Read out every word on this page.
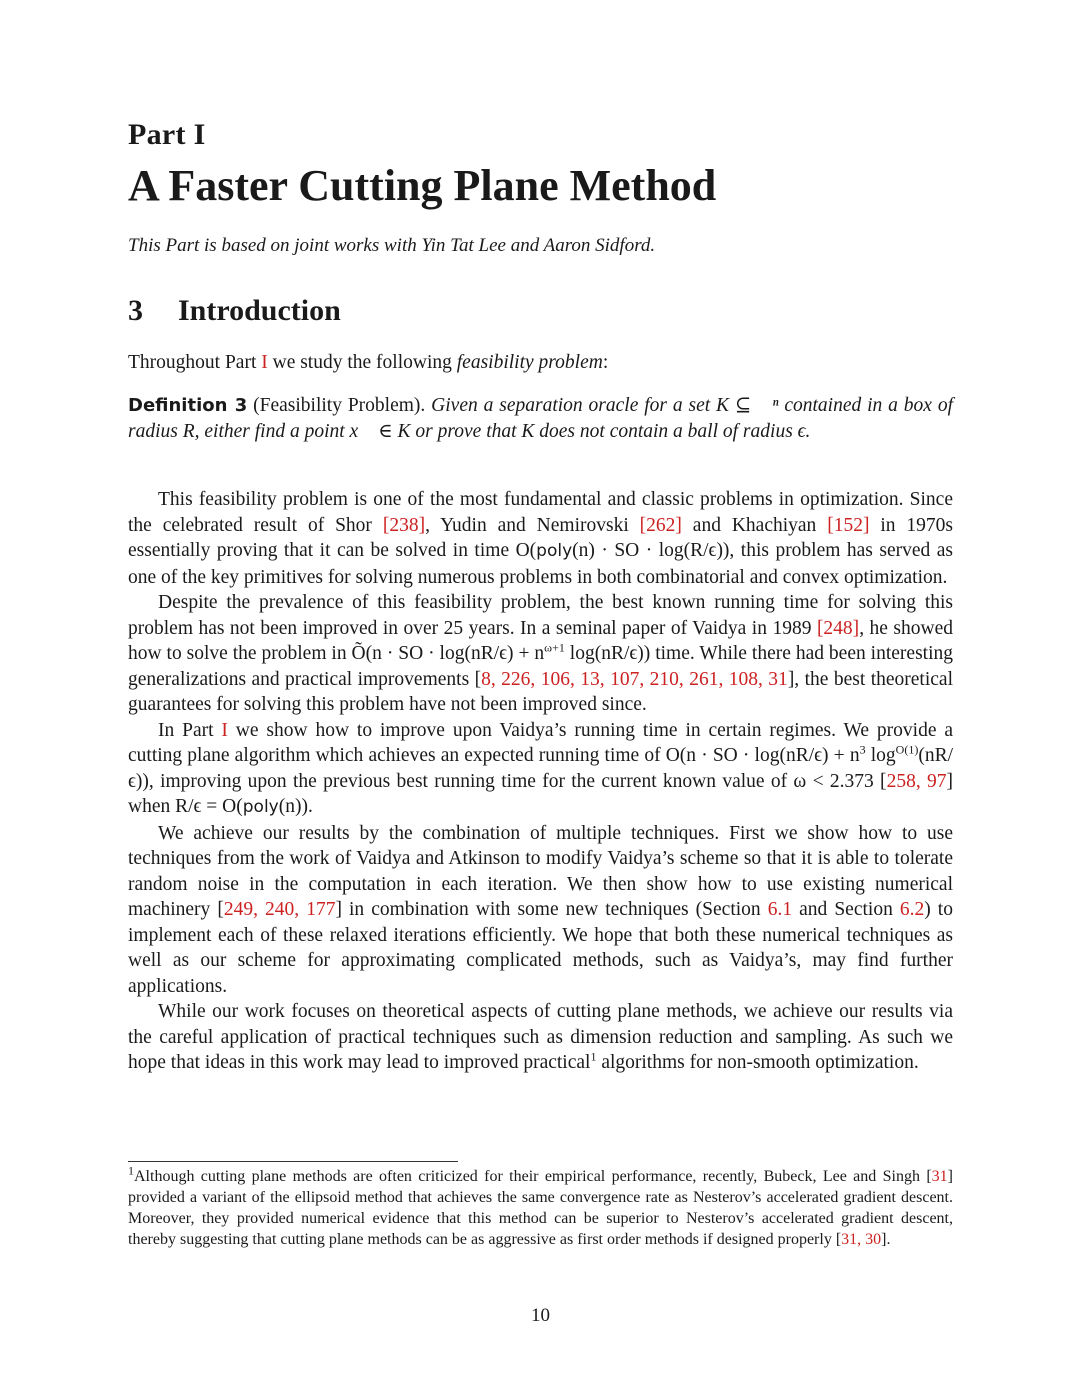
Part I
A Faster Cutting Plane Method
This Part is based on joint works with Yin Tat Lee and Aaron Sidford.
3 Introduction
Throughout Part I we study the following feasibility problem:
Definition 3 (Feasibility Problem). Given a separation oracle for a set K ⊆ ℝⁿ contained in a box of radius R, either find a point x⃗ ∈ K or prove that K does not contain a ball of radius ϵ.

This feasibility problem is one of the most fundamental and classic problems in optimization. Since the celebrated result of Shor [238], Yudin and Nemirovski [262] and Khachiyan [152] in 1970s essentially proving that it can be solved in time O(poly(n) · SO · log(R/ϵ)), this problem has served as one of the key primitives for solving numerous problems in both combinatorial and convex optimization.

Despite the prevalence of this feasibility problem, the best known running time for solving this problem has not been improved in over 25 years. In a seminal paper of Vaidya in 1989 [248], he showed how to solve the problem in Õ(n · SO · $\log(nR/\epsilon) + n^{\omega+1}$ log(nR/ϵ)) time. While there had been interesting generalizations and practical improvements [8, 226, 106, 13, 107, 210, 261, 108, 31], the best theoretical guarantees for solving this problem have not been improved since.

In Part I we show how to improve upon Vaidya’s running time in certain regimes. We provide a cutting plane algorithm which achieves an expected running time of O(n · SO · $\log(nR/\epsilon) + n^3$ $\log^{O(1)}(nR/\epsilon)$), improving upon the previous best running time for the current known value of ω < 2.373 [258, 97] when R/ϵ = O(poly(n)).

We achieve our results by the combination of multiple techniques. First we show how to use techniques from the work of Vaidya and Atkinson to modify Vaidya’s scheme so that it is able to tolerate random noise in the computation in each iteration. We then show how to use existing numerical machinery [249, 240, 177] in combination with some new techniques (Section 6.1 and Section 6.2) to implement each of these relaxed iterations efficiently. We hope that both these numerical techniques as well as our scheme for approximating complicated methods, such as Vaidya’s, may find further applications.

While our work focuses on theoretical aspects of cutting plane methods, we achieve our results via the careful application of practical techniques such as dimension reduction and sampling. As such we hope that ideas in this work may lead to improved practical$^1$ algorithms for non-smooth optimization.

$^1$Although cutting plane methods are often criticized for their empirical performance, recently, Bubeck, Lee and Singh [31] provided a variant of the ellipsoid method that achieves the same convergence rate as Nesterov’s accelerated gradient descent. Moreover, they provided numerical evidence that this method can be superior to Nesterov’s accelerated gradient descent, thereby suggesting that cutting plane methods can be as aggressive as first order methods if designed properly [31, 30].
10
